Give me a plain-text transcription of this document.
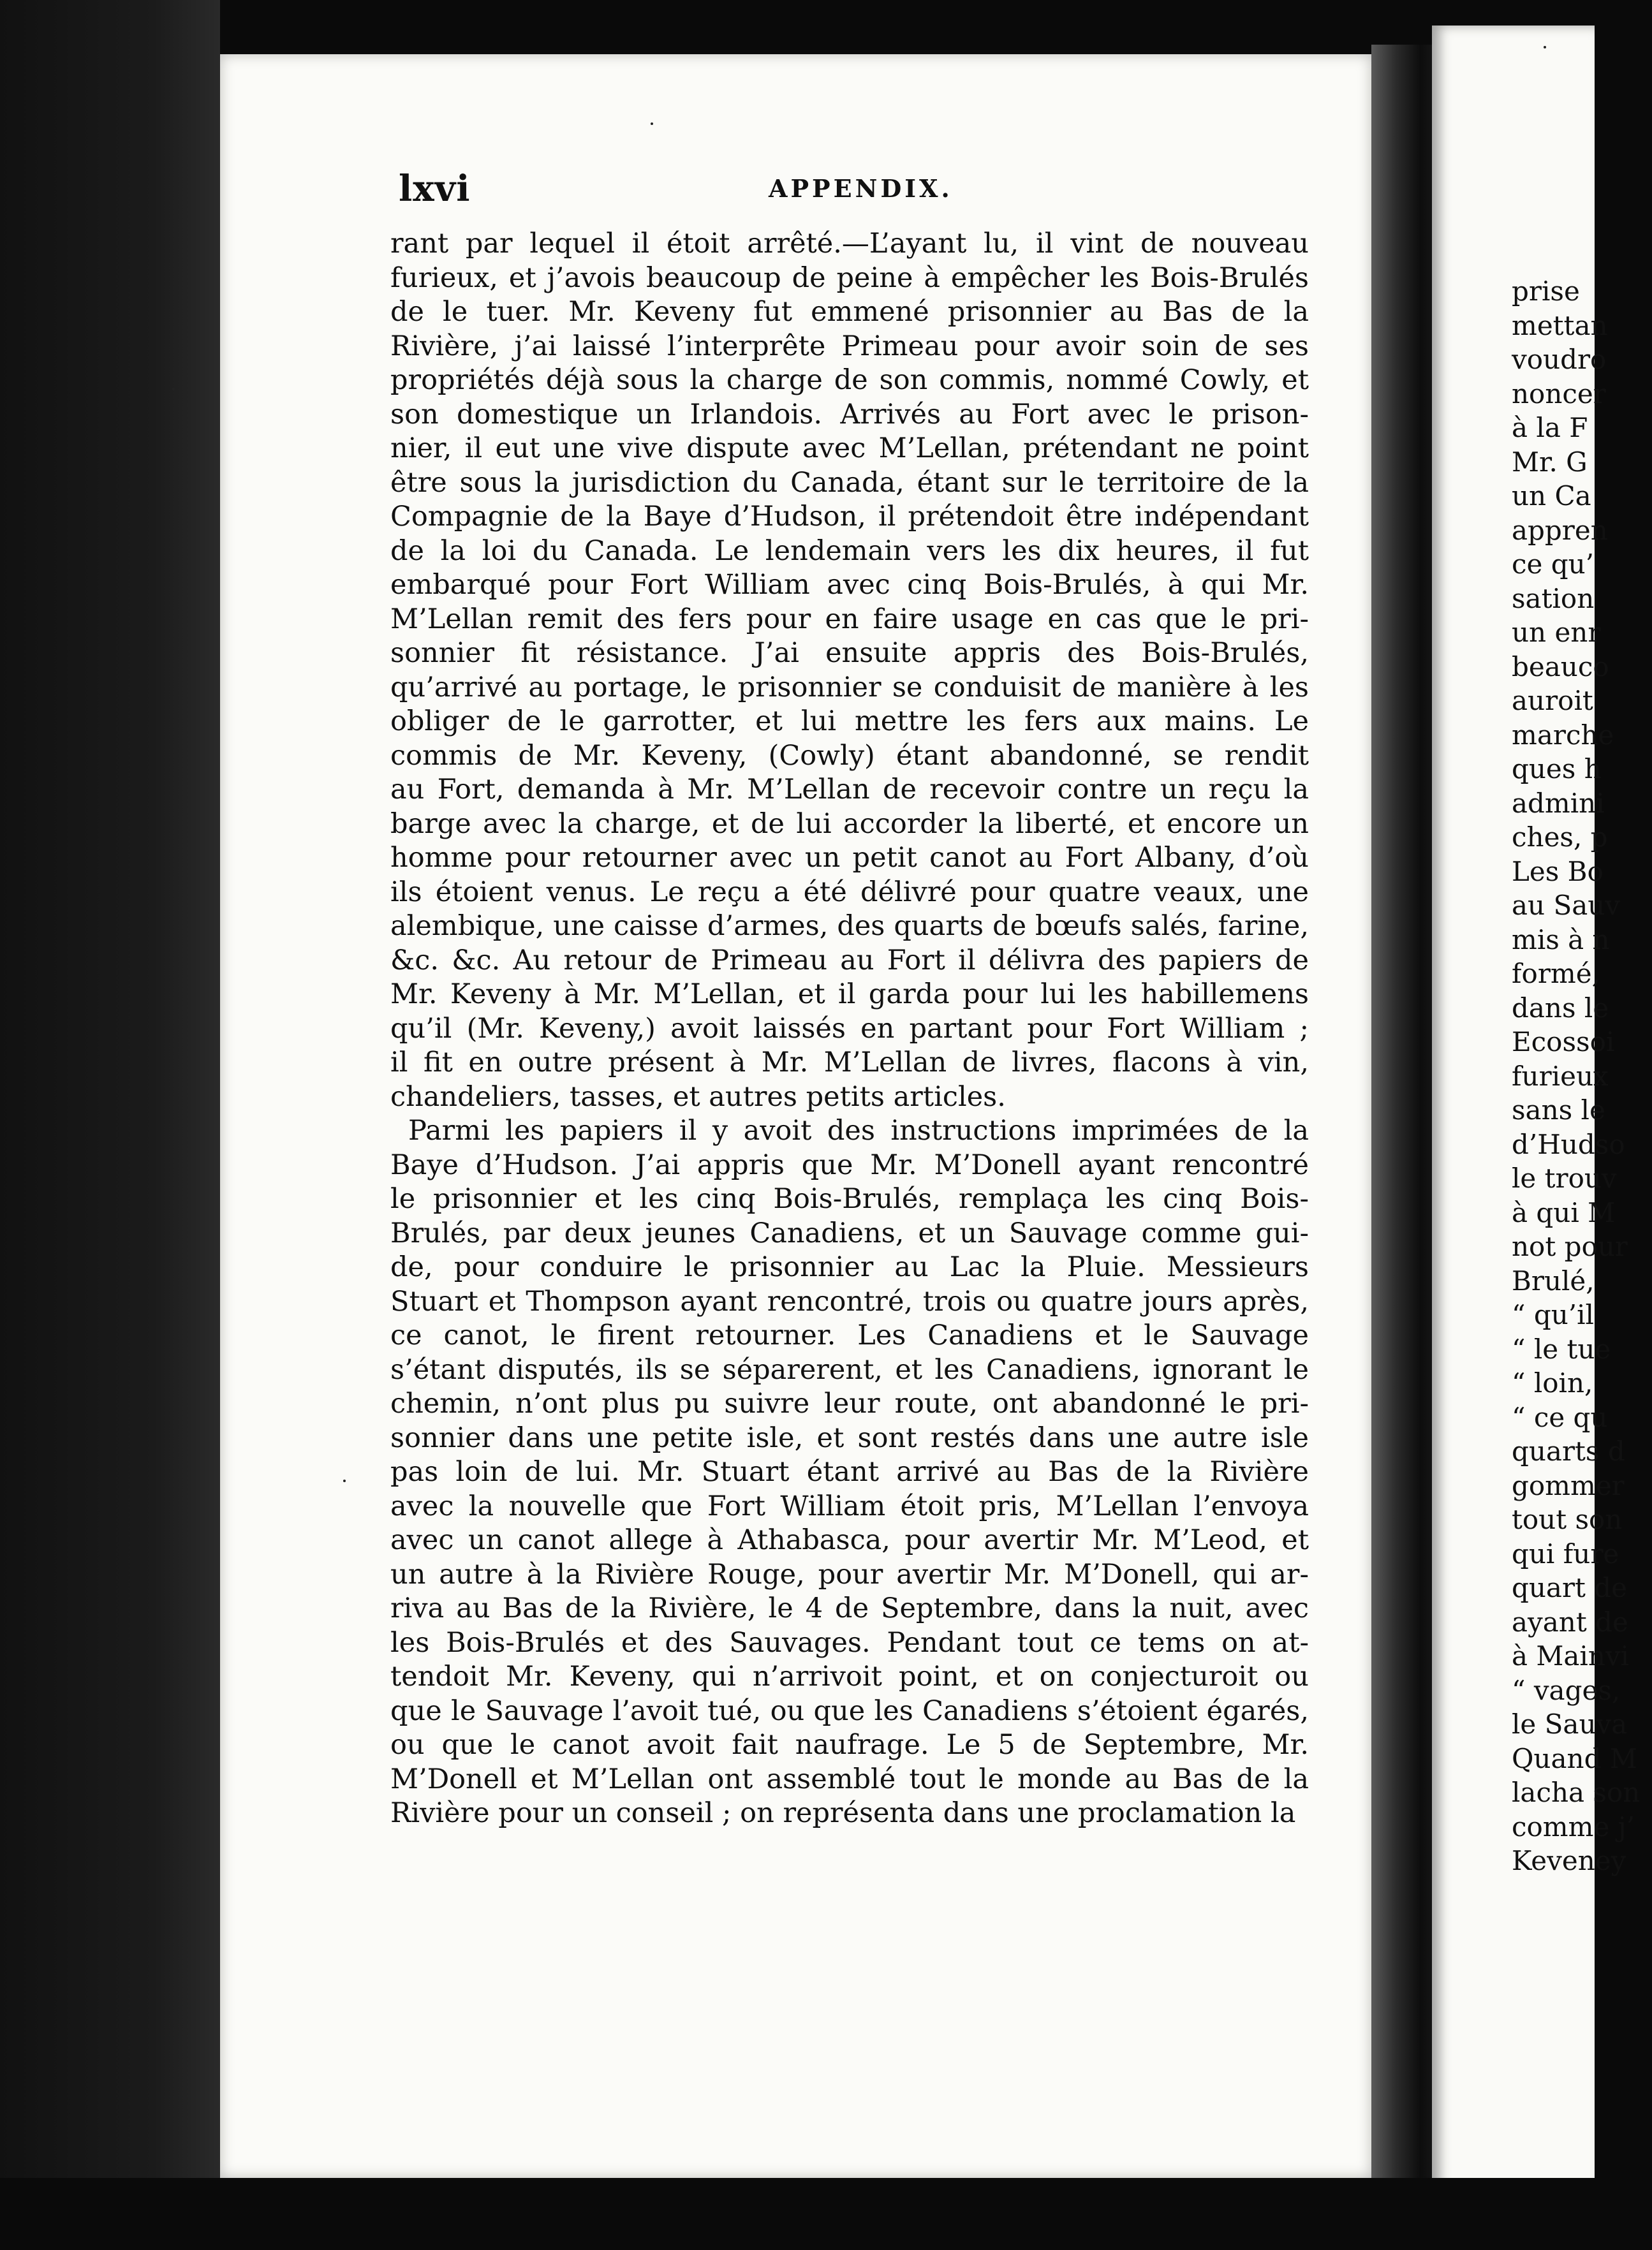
lxvi	APPENDIX.
rant par lequel il étoit arrêté.—L’ayant lu, il vint de nouveau
furieux, et j’avois beaucoup de peine à empêcher les Bois-Brulés
de le tuer. Mr. Keveny fut emmené prisonnier au Bas de la
Rivière, j’ai laissé l’interprête Primeau pour avoir soin de ses
propriétés déjà sous la charge de son commis, nommé Cowly, et
son domestique un Irlandois. Arrivés au Fort avec le prison-
nier, il eut une vive dispute avec M’Lellan, prétendant ne point
être sous la jurisdiction du Canada, étant sur le territoire de la
Compagnie de la Baye d’Hudson, il prétendoit être indépendant
de la loi du Canada. Le lendemain vers les dix heures, il fut
embarqué pour Fort William avec cinq Bois-Brulés, à qui Mr.
M’Lellan remit des fers pour en faire usage en cas que le pri-
sonnier fit résistance. J’ai ensuite appris des Bois-Brulés,
qu’arrivé au portage, le prisonnier se conduisit de manière à les
obliger de le garrotter, et lui mettre les fers aux mains. Le
commis de Mr. Keveny, (Cowly) étant abandonné, se rendit
au Fort, demanda à Mr. M’Lellan de recevoir contre un reçu la
barge avec la charge, et de lui accorder la liberté, et encore un
homme pour retourner avec un petit canot au Fort Albany, d’où
ils étoient venus. Le reçu a été délivré pour quatre veaux, une
alembique, une caisse d’armes, des quarts de bœufs salés, farine,
&c. &c. Au retour de Primeau au Fort il délivra des papiers de
Mr. Keveny à Mr. M’Lellan, et il garda pour lui les habillemens
qu’il (Mr. Keveny,) avoit laissés en partant pour Fort William ;
il fit en outre présent à Mr. M’Lellan de livres, flacons à vin,
chandeliers, tasses, et autres petits articles.
Parmi les papiers il y avoit des instructions imprimées de la
Baye d’Hudson. J’ai appris que Mr. M’Donell ayant rencontré
le prisonnier et les cinq Bois-Brulés, remplaça les cinq Bois-
Brulés, par deux jeunes Canadiens, et un Sauvage comme gui-
de, pour conduire le prisonnier au Lac la Pluie. Messieurs
Stuart et Thompson ayant rencontré, trois ou quatre jours après,
ce canot, le firent retourner. Les Canadiens et le Sauvage
s’étant disputés, ils se séparerent, et les Canadiens, ignorant le
chemin, n’ont plus pu suivre leur route, ont abandonné le pri-
sonnier dans une petite isle, et sont restés dans une autre isle
pas loin de lui. Mr. Stuart étant arrivé au Bas de la Rivière
avec la nouvelle que Fort William étoit pris, M’Lellan l’envoya
avec un canot allege à Athabasca, pour avertir Mr. M’Leod, et
un autre à la Rivière Rouge, pour avertir Mr. M’Donell, qui ar-
riva au Bas de la Rivière, le 4 de Septembre, dans la nuit, avec
les Bois-Brulés et des Sauvages. Pendant tout ce tems on at-
tendoit Mr. Keveny, qui n’arrivoit point, et on conjecturoit ou
que le Sauvage l’avoit tué, ou que les Canadiens s’étoient égarés,
ou que le canot avoit fait naufrage. Le 5 de Septembre, Mr.
M’Donell et M’Lellan ont assemblé tout le monde au Bas de la
Rivière pour un conseil ; on représenta dans une proclamation la
prise
mettan
voudro
noncer
à la F
Mr. G
un Ca
appren
ce qu’
sation
un enr
beauco
auroit
marche
ques h
admini
ches, p
Les Bo
au Sauv
mis à n
formé,
dans le
Ecossoi
furieux
sans le
d’Hudso
le trouv
à qui M
not pour
Brulé,
“ qu’il
“ le tue
“ loin,
“ ce qu
quarts d
gommer
tout son
qui fure
quart de
ayant de
à Mainvi
“ vages,
le Sauva
Quand M
lacha son
comme j’
Keveney
